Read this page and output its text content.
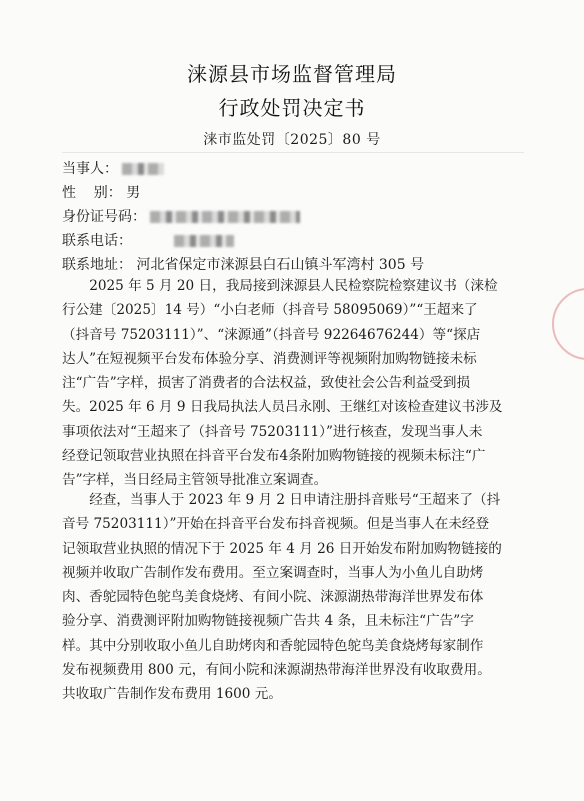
涞源县市场监督管理局
行政处罚决定书
涞市监处罚〔2025〕80 号
当事人：
性    别： 男
身份证号码：
联系电话：
联系地址： 河北省保定市涞源县白石山镇斗军湾村 305 号
2025 年 5 月 20 日，我局接到涞源县人民检察院检察建议书（涞检
行公建〔2025〕14 号）“小白老师（抖音号 58095069）”“王超来了
（抖音号 75203111）”、“涞源通”（抖音号 92264676244）等“探店
达人”在短视频平台发布体验分享、消费测评等视频附加购物链接未标
注“广告”字样，损害了消费者的合法权益，致使社会公告利益受到损
失。2025 年 6 月 9 日我局执法人员吕永刚、王继红对该检查建议书涉及
事项依法对“王超来了（抖音号 75203111）”进行核查，发现当事人未
经登记领取营业执照在抖音平台发布4条附加购物链接的视频未标注“广
告”字样，当日经局主管领导批准立案调查。
经查，当事人于 2023 年 9 月 2 日申请注册抖音账号“王超来了（抖
音号 75203111）”开始在抖音平台发布抖音视频。但是当事人在未经登
记领取营业执照的情况下于 2025 年 4 月 26 日开始发布附加购物链接的
视频并收取广告制作发布费用。至立案调查时，当事人为小鱼儿自助烤
肉、香鸵园特色鸵鸟美食烧烤、有间小院、涞源湖热带海洋世界发布体
验分享、消费测评附加购物链接视频广告共 4 条，且未标注“广告”字
样。其中分别收取小鱼儿自助烤肉和香鸵园特色鸵鸟美食烧烤每家制作
发布视频费用 800 元，有间小院和涞源湖热带海洋世界没有收取费用。
共收取广告制作发布费用 1600 元。
